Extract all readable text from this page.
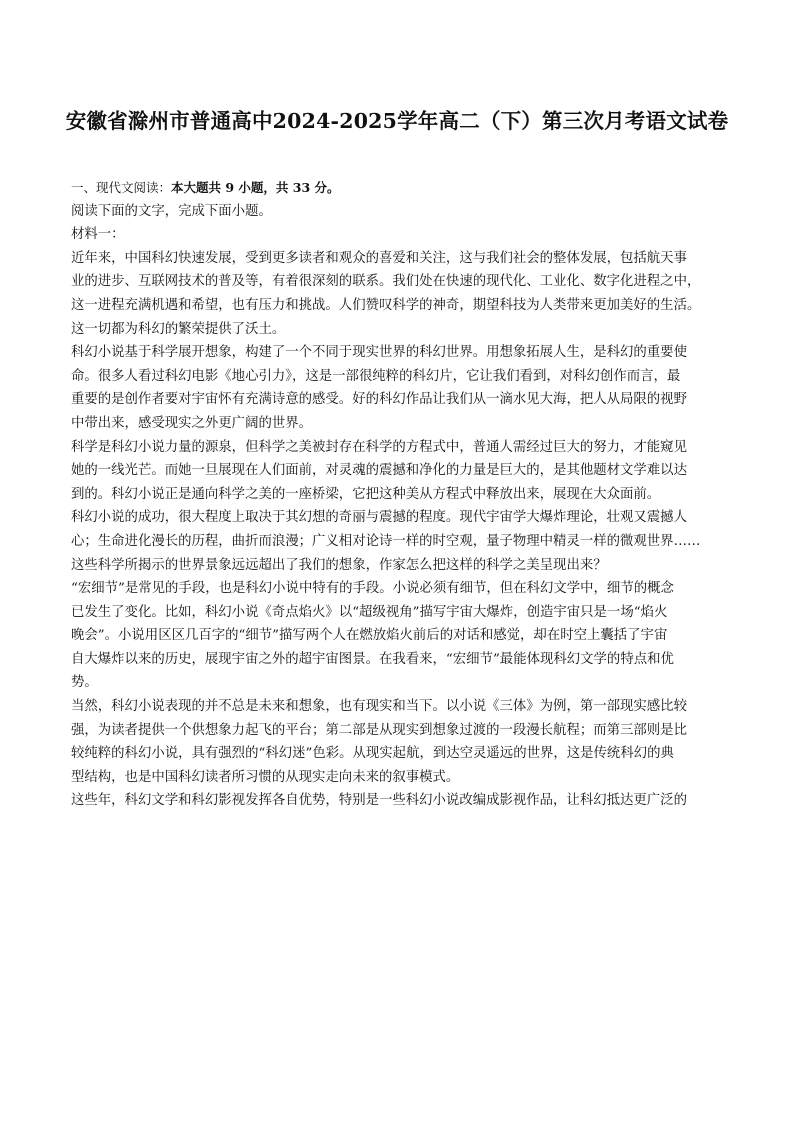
安徽省滁州市普通高中2024-2025学年高二（下）第三次月考语文试卷
一、现代文阅读：本大题共 9 小题，共 33 分。
阅读下面的文字，完成下面小题。
材料一：
近年来，中国科幻快速发展，受到更多读者和观众的喜爱和关注，这与我们社会的整体发展，包括航天事
业的进步、互联网技术的普及等，有着很深刻的联系。我们处在快速的现代化、工业化、数字化进程之中，
这一进程充满机遇和希望，也有压力和挑战。人们赞叹科学的神奇，期望科技为人类带来更加美好的生活。
这一切都为科幻的繁荣提供了沃土。
科幻小说基于科学展开想象，构建了一个不同于现实世界的科幻世界。用想象拓展人生，是科幻的重要使
命。很多人看过科幻电影《地心引力》，这是一部很纯粹的科幻片，它让我们看到，对科幻创作而言，最
重要的是创作者要对宇宙怀有充满诗意的感受。好的科幻作品让我们从一滴水见大海，把人从局限的视野
中带出来，感受现实之外更广阔的世界。
科学是科幻小说力量的源泉，但科学之美被封存在科学的方程式中，普通人需经过巨大的努力，才能窥见
她的一线光芒。而她一旦展现在人们面前，对灵魂的震撼和净化的力量是巨大的，是其他题材文学难以达
到的。科幻小说正是通向科学之美的一座桥梁，它把这种美从方程式中释放出来，展现在大众面前。
科幻小说的成功，很大程度上取决于其幻想的奇丽与震撼的程度。现代宇宙学大爆炸理论，壮观又震撼人
心；生命进化漫长的历程，曲折而浪漫；广义相对论诗一样的时空观，量子物理中精灵一样的微观世界……
这些科学所揭示的世界景象远远超出了我们的想象，作家怎么把这样的科学之美呈现出来？
“宏细节”是常见的手段，也是科幻小说中特有的手段。小说必须有细节，但在科幻文学中，细节的概念
已发生了变化。比如，科幻小说《奇点焰火》以“超级视角”描写宇宙大爆炸，创造宇宙只是一场“焰火
晚会”。小说用区区几百字的“细节”描写两个人在燃放焰火前后的对话和感觉，却在时空上囊括了宇宙
自大爆炸以来的历史，展现宇宙之外的超宇宙图景。在我看来，“宏细节”最能体现科幻文学的特点和优
势。
当然，科幻小说表现的并不总是未来和想象，也有现实和当下。以小说《三体》为例，第一部现实感比较
强，为读者提供一个供想象力起飞的平台；第二部是从现实到想象过渡的一段漫长航程；而第三部则是比
较纯粹的科幻小说，具有强烈的“科幻迷”色彩。从现实起航，到达空灵遥远的世界，这是传统科幻的典
型结构，也是中国科幻读者所习惯的从现实走向未来的叙事模式。
这些年，科幻文学和科幻影视发挥各自优势，特别是一些科幻小说改编成影视作品，让科幻抵达更广泛的
